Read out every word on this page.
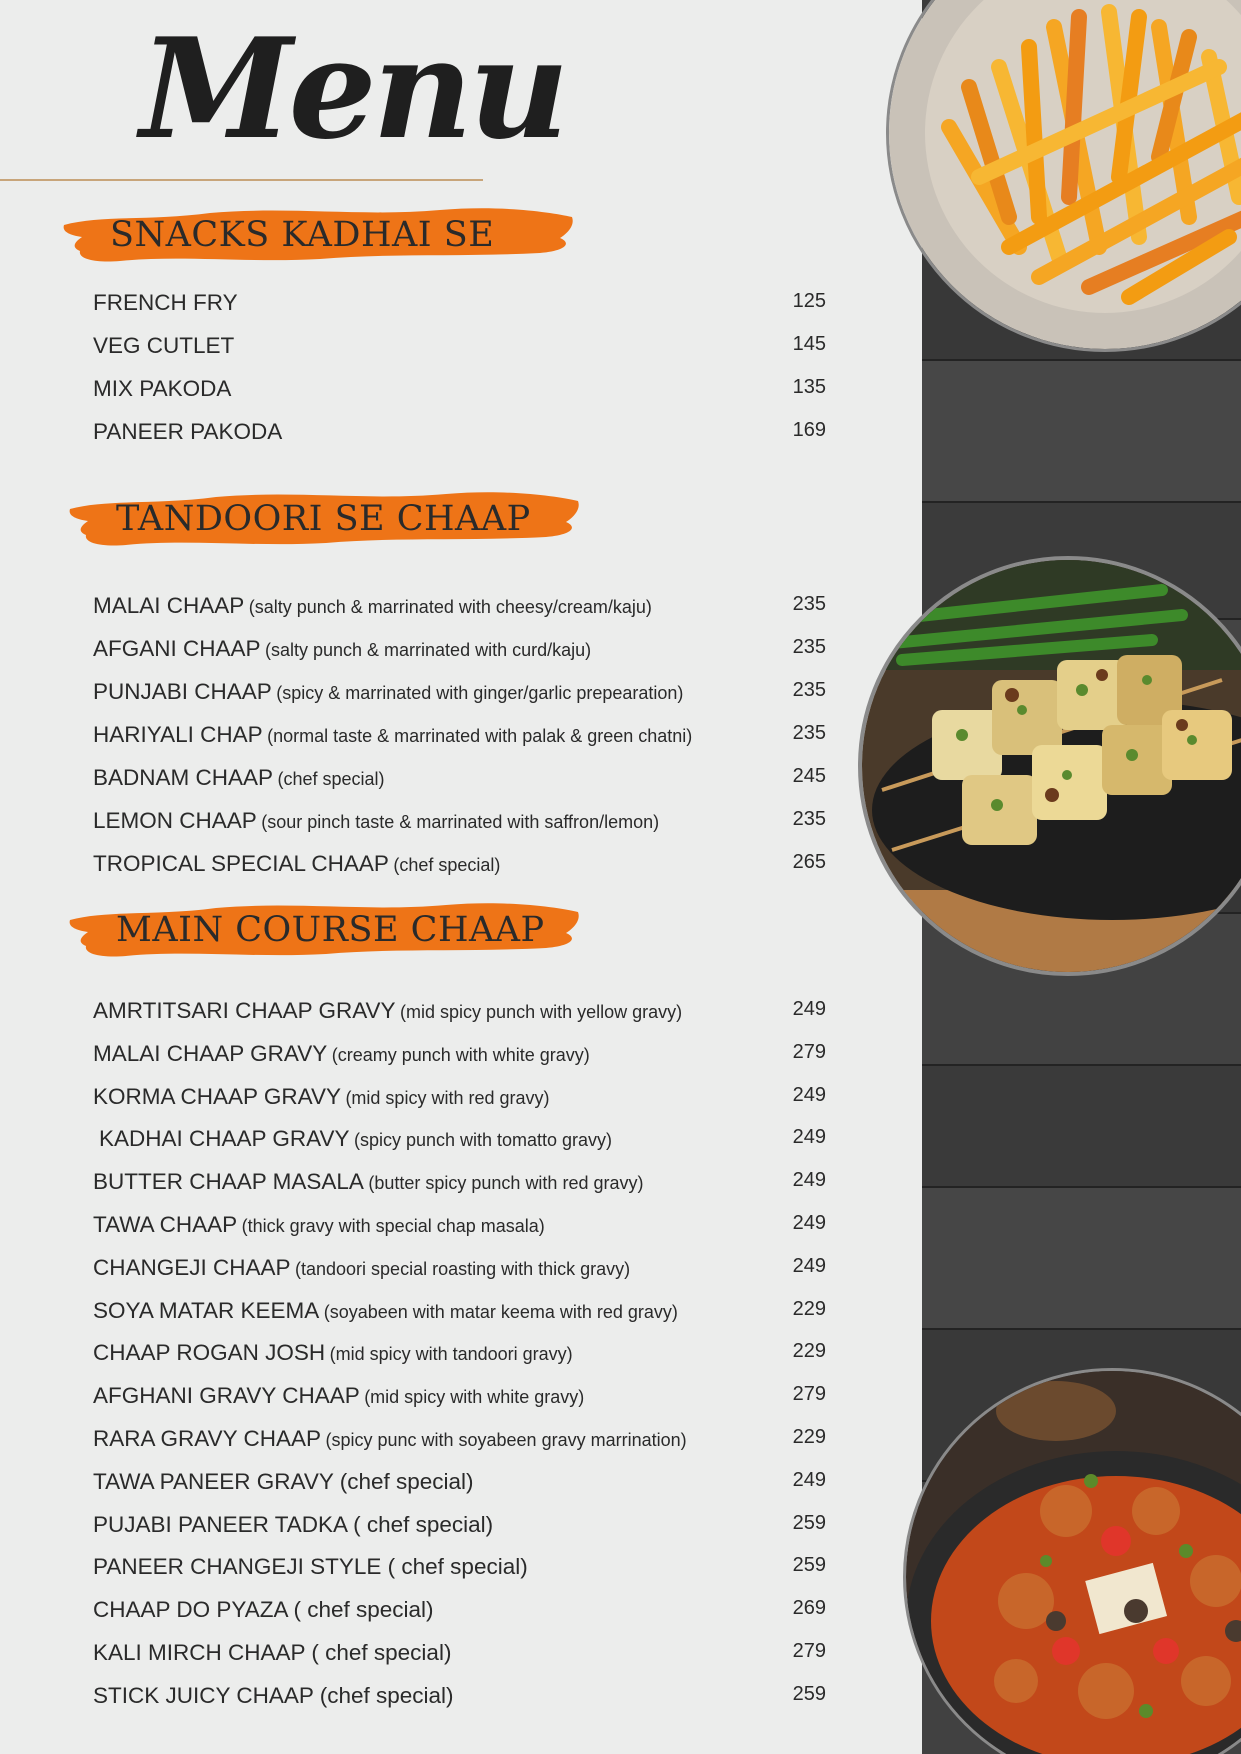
Menu
SNACKS KADHAI SE
FRENCH FRY	125
VEG CUTLET	145
MIX PAKODA	135
PANEER PAKODA	169
TANDOORI SE CHAAP
MALAI CHAAP (salty punch & marrinated with cheesy/cream/kaju)	235
AFGANI CHAAP (salty punch & marrinated with curd/kaju)	235
PUNJABI CHAAP (spicy & marrinated with ginger/garlic prepearation)	235
HARIYALI CHAP (normal taste & marrinated with palak & green chatni)	235
BADNAM CHAAP (chef special)	245
LEMON CHAAP (sour pinch taste & marrinated with saffron/lemon)	235
TROPICAL SPECIAL CHAAP (chef special)	265
MAIN COURSE CHAAP
AMRTITSARI CHAAP GRAVY (mid spicy punch with yellow gravy)	249
MALAI CHAAP GRAVY (creamy punch with white gravy)	279
KORMA CHAAP GRAVY (mid spicy with red gravy)	249
KADHAI CHAAP GRAVY (spicy punch with tomatto gravy)	249
BUTTER CHAAP MASALA (butter spicy punch with red gravy)	249
TAWA CHAAP (thick gravy with special chap masala)	249
CHANGEJI CHAAP (tandoori special roasting with thick gravy)	249
SOYA MATAR KEEMA (soyabeen with matar keema with red gravy)	229
CHAAP ROGAN JOSH (mid spicy with tandoori gravy)	229
AFGHANI GRAVY CHAAP (mid spicy with white gravy)	279
RARA GRAVY CHAAP (spicy punc with soyabeen gravy marrination)	229
TAWA PANEER GRAVY (chef special)	249
PUJABI PANEER TADKA ( chef special)	259
PANEER CHANGEJI STYLE ( chef special)	259
CHAAP DO PYAZA ( chef special)	269
KALI MIRCH CHAAP ( chef special)	279
STICK JUICY CHAAP (chef special)	259
